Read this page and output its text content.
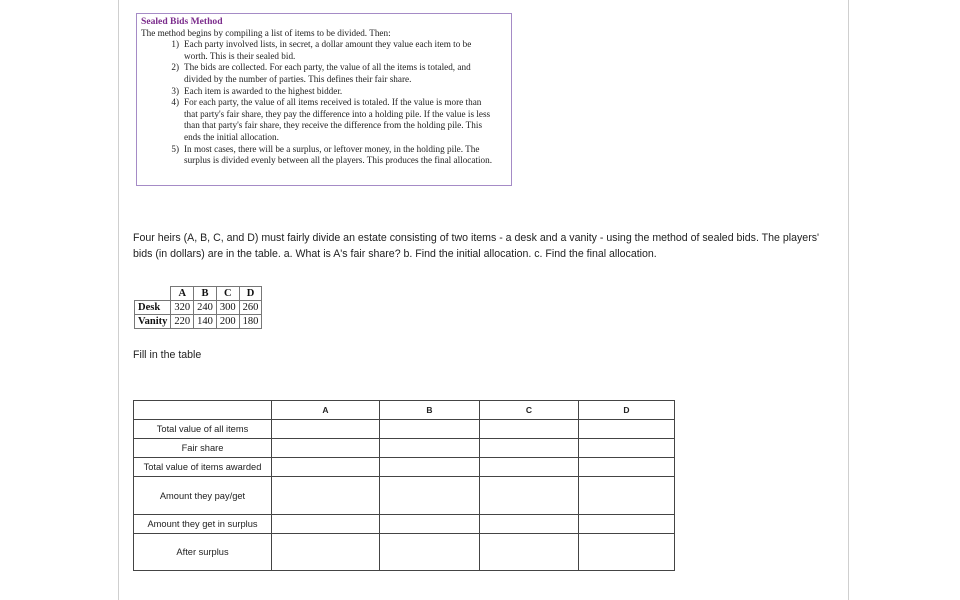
Sealed Bids Method
The method begins by compiling a list of items to be divided. Then:
1) Each party involved lists, in secret, a dollar amount they value each item to be worth. This is their sealed bid.
2) The bids are collected. For each party, the value of all the items is totaled, and divided by the number of parties. This defines their fair share.
3) Each item is awarded to the highest bidder.
4) For each party, the value of all items received is totaled. If the value is more than that party's fair share, they pay the difference into a holding pile. If the value is less than that party's fair share, they receive the difference from the holding pile. This ends the initial allocation.
5) In most cases, there will be a surplus, or leftover money, in the holding pile. The surplus is divided evenly between all the players. This produces the final allocation.
Four heirs (A, B, C, and D) must fairly divide an estate consisting of two items - a desk and a vanity - using the method of sealed bids. The players' bids (in dollars) are in the table. a. What is A's fair share? b. Find the initial allocation. c. Find the final allocation.
	A	B	C	D
Desk	320	240	300	260
Vanity	220	140	200	180
Fill in the table
	A	B	C	D
Total value of all items				
Fair share				
Total value of items awarded				
Amount they pay/get				
Amount they get in surplus				
After surplus				
